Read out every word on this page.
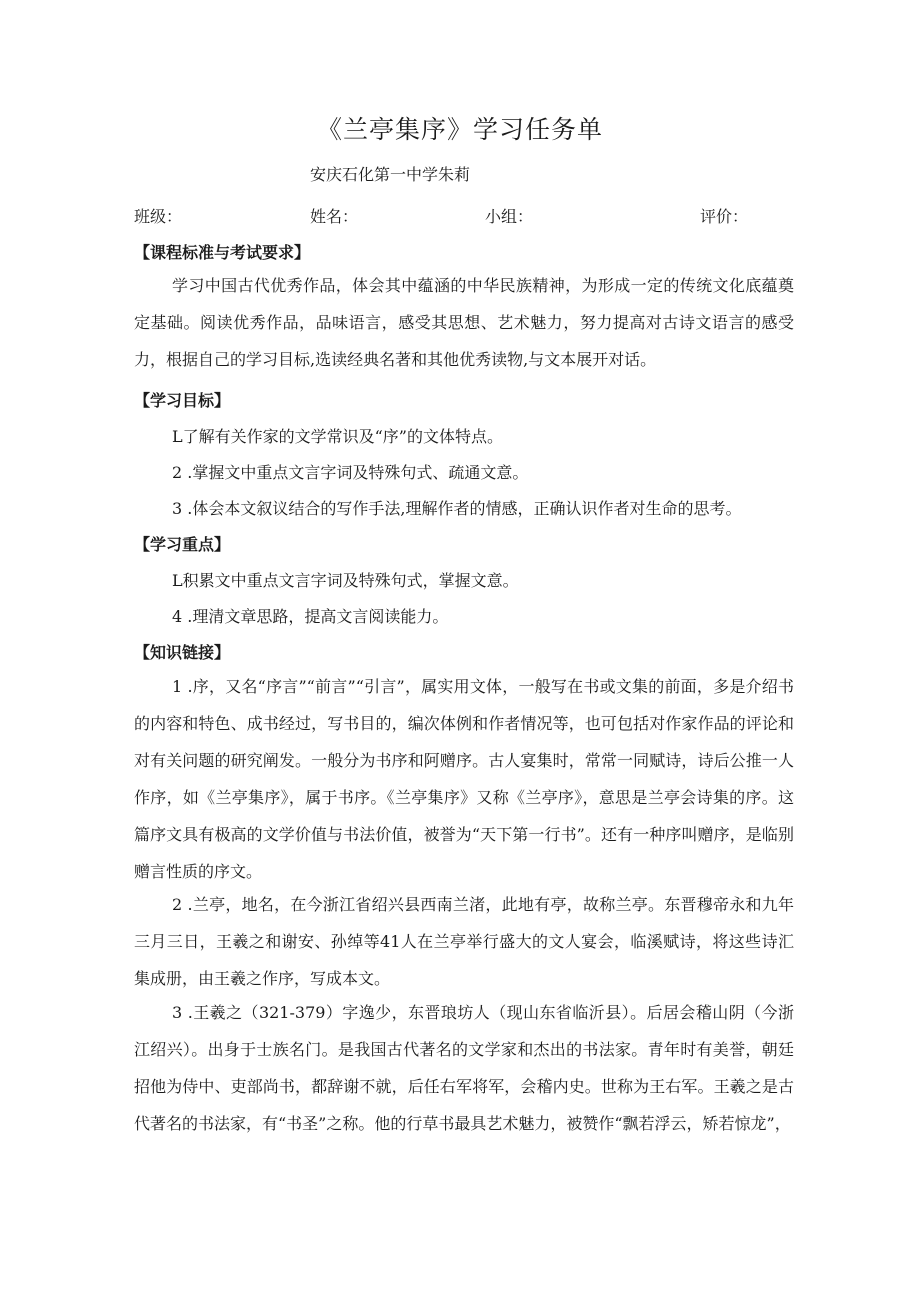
《兰亭集序》学习任务单
安庆石化第一中学朱莉
班级：	姓名：	小组：	评价：
【课程标准与考试要求】
学习中国古代优秀作品，体会其中蕴涵的中华民族精神，为形成一定的传统文化底蕴奠定基础。阅读优秀作品，品味语言，感受其思想、艺术魅力，努力提高对古诗文语言的感受力，根据自己的学习目标,选读经典名著和其他优秀读物,与文本展开对话。
【学习目标】
L了解有关作家的文学常识及“序”的文体特点。
2 .掌握文中重点文言字词及特殊句式、疏通文意。
3 .体会本文叙议结合的写作手法,理解作者的情感，正确认识作者对生命的思考。
【学习重点】
L积累文中重点文言字词及特殊句式，掌握文意。
4 .理清文章思路，提高文言阅读能力。
【知识链接】
1 .序，又名“序言”“前言”“引言”，属实用文体，一般写在书或文集的前面，多是介绍书的内容和特色、成书经过，写书目的，编次体例和作者情况等，也可包括对作家作品的评论和对有关问题的研究阐发。一般分为书序和阿赠序。古人宴集时，常常一同赋诗，诗后公推一人作序，如《兰亭集序》，属于书序。《兰亭集序》又称《兰亭序》，意思是兰亭会诗集的序。这篇序文具有极高的文学价值与书法价值，被誉为“天下第一行书”。还有一种序叫赠序，是临别赠言性质的序文。
2 .兰亭，地名，在今浙江省绍兴县西南兰渚，此地有亭，故称兰亭。东晋穆帝永和九年三月三日，王羲之和谢安、孙绰等41人在兰亭举行盛大的文人宴会，临溪赋诗，将这些诗汇集成册，由王羲之作序，写成本文。
3 .王羲之（321-379）字逸少，东晋琅坊人（现山东省临沂县）。后居会稽山阴（今浙江绍兴）。出身于士族名门。是我国古代著名的文学家和杰出的书法家。青年时有美誉，朝廷招他为侍中、吏部尚书，都辞谢不就，后任右军将军，会稽内史。世称为王右军。王羲之是古代著名的书法家，有“书圣”之称。他的行草书最具艺术魅力，被赞作“飘若浮云，矫若惊龙”，
